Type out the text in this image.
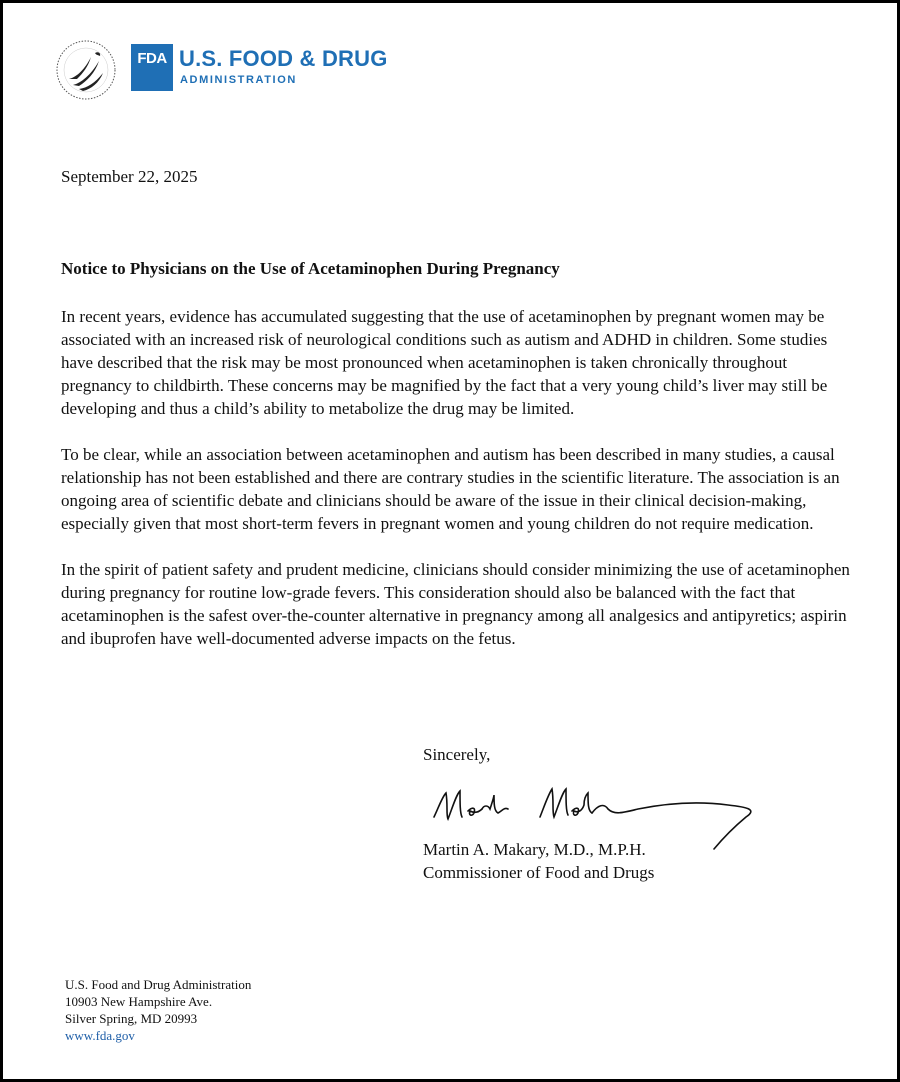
FDA U.S. FOOD & DRUG
ADMINISTRATION
September 22, 2025
Notice to Physicians on the Use of Acetaminophen During Pregnancy

In recent years, evidence has accumulated suggesting that the use of acetaminophen by pregnant women may be associated with an increased risk of neurological conditions such as autism and ADHD in children. Some studies have described that the risk may be most pronounced when acetaminophen is taken chronically throughout pregnancy to childbirth. These concerns may be magnified by the fact that a very young child’s liver may still be developing and thus a child’s ability to metabolize the drug may be limited.

To be clear, while an association between acetaminophen and autism has been described in many studies, a causal relationship has not been established and there are contrary studies in the scientific literature. The association is an ongoing area of scientific debate and clinicians should be aware of the issue in their clinical decision-making, especially given that most short-term fevers in pregnant women and young children do not require medication.

In the spirit of patient safety and prudent medicine, clinicians should consider minimizing the use of acetaminophen during pregnancy for routine low-grade fevers. This consideration should also be balanced with the fact that acetaminophen is the safest over-the-counter alternative in pregnancy among all analgesics and antipyretics; aspirin and ibuprofen have well-documented adverse impacts on the fetus.

Sincerely,
Martin A. Makary, M.D., M.P.H.
Commissioner of Food and Drugs
U.S. Food and Drug Administration
10903 New Hampshire Ave.
Silver Spring, MD 20993
www.fda.gov
